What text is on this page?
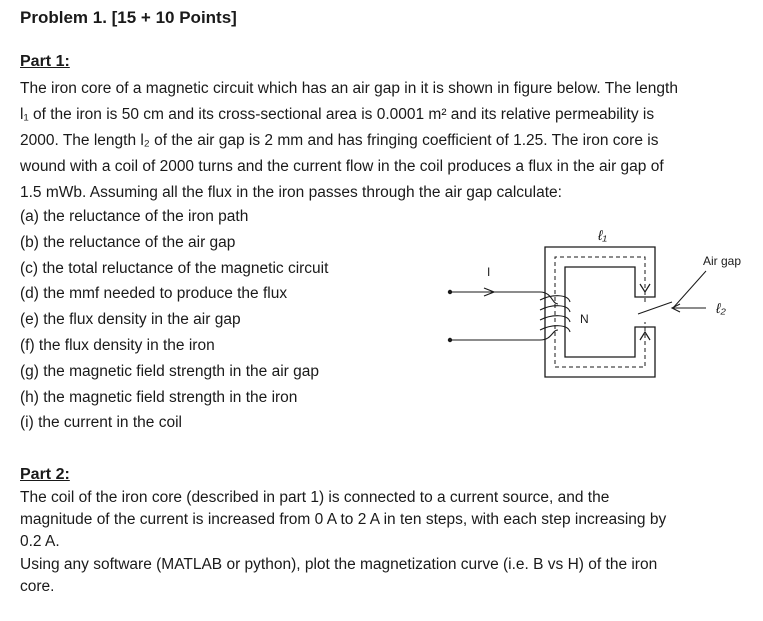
Problem 1. [15 + 10 Points]
Part 1:
The iron core of a magnetic circuit which has an air gap in it is shown in figure below. The length
l₁ of the iron is 50 cm and its cross-sectional area is 0.0001 m² and its relative permeability is
2000. The length l₂ of the air gap is 2 mm and has fringing coefficient of 1.25. The iron core is
wound with a coil of 2000 turns and the current flow in the coil produces a flux in the air gap of
1.5 mWb. Assuming all the flux in the iron passes through the air gap calculate:
(a) the reluctance of the iron path
(b) the reluctance of the air gap
(c) the total reluctance of the magnetic circuit
(d) the mmf needed to produce the flux
(e) the flux density in the air gap
(f) the flux density in the iron
(g) the magnetic field strength in the air gap
(h) the magnetic field strength in the iron
(i) the current in the coil
I
N
ℓ₁
Air gap
ℓ₂
Part 2:
The coil of the iron core (described in part 1) is connected to a current source, and the
magnitude of the current is increased from 0 A to 2 A in ten steps, with each step increasing by
0.2 A.
Using any software (MATLAB or python), plot the magnetization curve (i.e. B vs H) of the iron
core.
